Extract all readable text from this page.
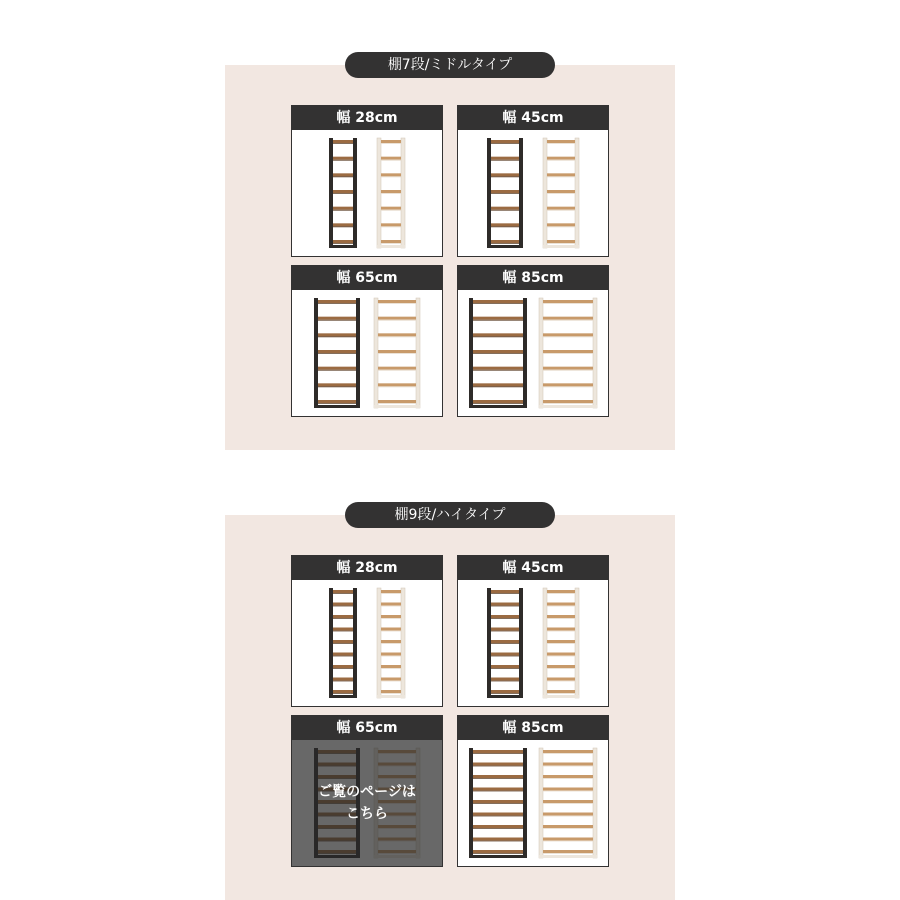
棚7段/ミドルタイプ
幅 28cm	幅 45cm
幅 65cm	幅 85cm
棚9段/ハイタイプ
幅 28cm	幅 45cm
幅 65cm
ご覧のページは
こちら
幅 85cm
